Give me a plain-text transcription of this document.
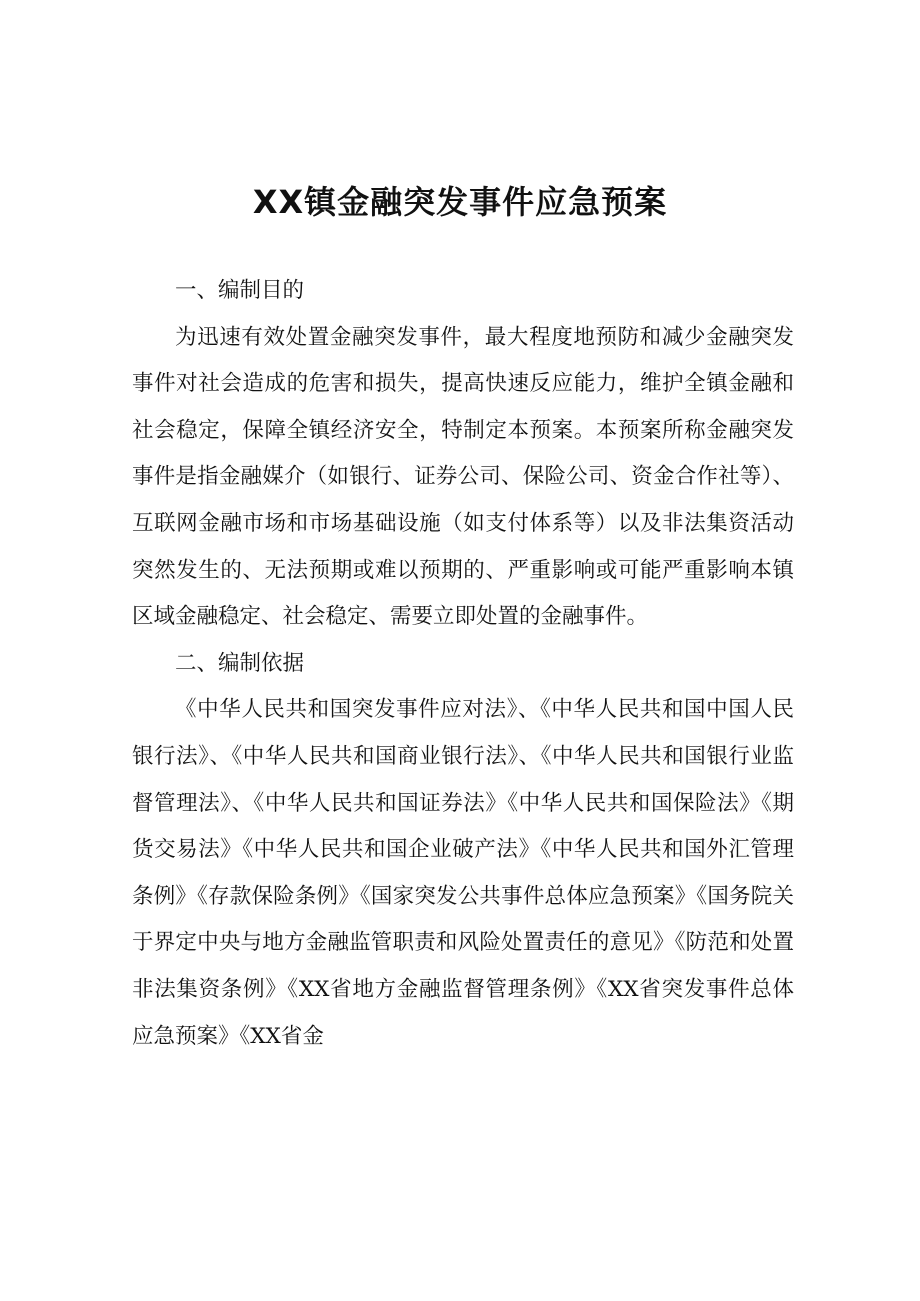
XX镇金融突发事件应急预案

一、编制目的

为迅速有效处置金融突发事件，最大程度地预防和减少金融突发事件对社会造成的危害和损失，提高快速反应能力，维护全镇金融和社会稳定，保障全镇经济安全，特制定本预案。本预案所称金融突发事件是指金融媒介（如银行、证券公司、保险公司、资金合作社等）、互联网金融市场和市场基础设施（如支付体系等）以及非法集资活动突然发生的、无法预期或难以预期的、严重影响或可能严重影响本镇区域金融稳定、社会稳定、需要立即处置的金融事件。

二、编制依据

《中华人民共和国突发事件应对法》、《中华人民共和国中国人民银行法》、《中华人民共和国商业银行法》、《中华人民共和国银行业监督管理法》、《中华人民共和国证券法》《中华人民共和国保险法》《期货交易法》《中华人民共和国企业破产法》《中华人民共和国外汇管理条例》《存款保险条例》《国家突发公共事件总体应急预案》《国务院关于界定中央与地方金融监管职责和风险处置责任的意见》《防范和处置非法集资条例》《XX省地方金融监督管理条例》《XX省突发事件总体应急预案》《XX省金
